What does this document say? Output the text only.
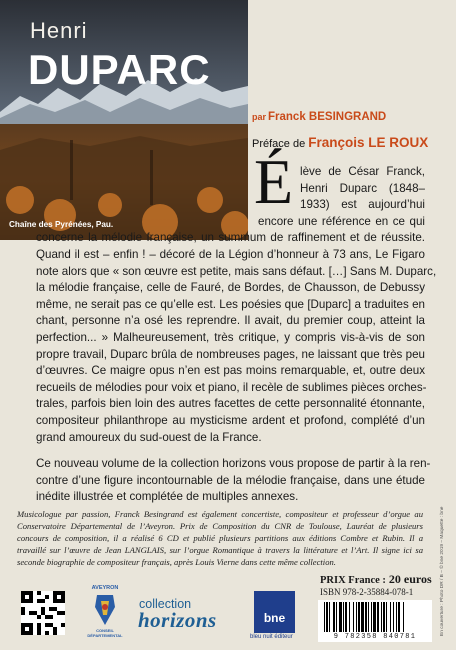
Henri
DUPARC
Chaîne des Pyrénées, Pau.
par Franck BESINGRAND
Préface de François LE ROUX
É lève de César Franck,
Henri Duparc (1848–
1933) est aujourd’hui
encore une référence en ce qui
concerne la mélodie française, un summum de raffinement et de réussite.
Quand il est – enfin ! – décoré de la Légion d’honneur à 73 ans, Le Figaro
note alors que « son œuvre est petite, mais sans défaut. […] Sans M. Duparc,
la mélodie française, celle de Fauré, de Bordes, de Chausson, de Debussy
même, ne serait pas ce qu’elle est. Les poésies que [Duparc] a traduites en
chant, personne n’a osé les reprendre. Il avait, du premier coup, atteint la
perfection... » Malheureusement, très critique, y compris vis-à-vis de son
propre travail, Duparc brûla de nombreuses pages, ne laissant que très peu
d’œuvres. Ce maigre opus n’en est pas moins remarquable, et, outre deux
recueils de mélodies pour voix et piano, il recèle de sublimes pièces orches-
trales, parfois bien loin des autres facettes de cette personnalité étonnante,
compositeur philanthrope au mysticisme ardent et profond, complété d’un
grand amoureux du sud-ouest de la France.
Ce nouveau volume de la collection horizons vous propose de partir à la ren-
contre d’une figure incontournable de la mélodie française, dans une étude
inédite illustrée et complétée de multiples annexes.
Musicologue par passion, Franck Besingrand est également concertiste, compositeur et professeur d’orgue au
Conservatoire Départemental de l’Aveyron. Prix de Composition du CNR de Toulouse, Lauréat de plusieurs
concours de composition, il a réalisé 6 CD et publié plusieurs partitions aux éditions Combre et Rubin. Il a
travaillé sur l’œuvre de Jean LANGLAIS, sur l’orgue Romantique à travers la littérature et l’Art. Il signe ici sa
seconde biographie de compositeur français, après Louis Vierne dans cette même collection.	En couverture : Photo DR / B – © bne 2019 – Maquette : bne
AVEYRON
CONSEIL DÉPARTEMENTAL
collection
horizons	bne
bleu nuit éditeur
PRIX France : 20 euros
ISBN 978-2-35884-078-1
9 782358 840781
